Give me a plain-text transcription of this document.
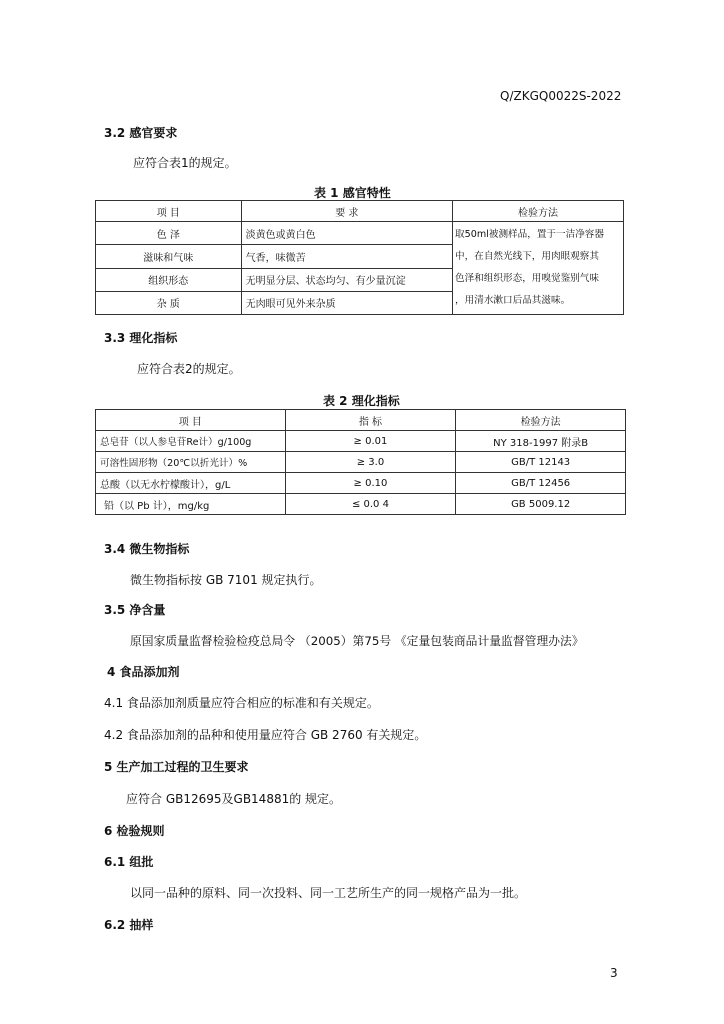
Q/ZKGQ0022S-2022
3.2 感官要求
应符合表1的规定。
表 1 感官特性
项 目	要 求	检验方法
色 泽	淡黄色或黄白色	取50ml被测样品，置于一洁净容器
中，在自然光线下，用肉眼观察其
色泽和组织形态，用嗅觉鉴别气味
，用清水漱口后品其滋味。

滋味和气味	气香，味微苦	
组织形态	无明显分层、状态均匀、有少量沉淀	
杂 质	无肉眼可见外来杂质	
3.3 理化指标
应符合表2的规定。
表 2 理化指标
项 目	指 标	检验方法
总皂苷（以人参皂苷Re计）g/100g	≥ 0.01	NY 318-1997 附录B
可溶性固形物（20℃以折光计）%	≥ 3.0	GB/T 12143
总酸（以无水柠檬酸计），g/L	≥ 0.10	GB/T 12456
铅（以 Pb 计），mg/kg	≤ 0.0 4	GB 5009.12
3.4 微生物指标
微生物指标按 GB 7101 规定执行。
3.5 净含量
原国家质量监督检验检疫总局令 （2005）第75号 《定量包装商品计量监督管理办法》
4 食品添加剂
4.1 食品添加剂质量应符合相应的标准和有关规定。
4.2 食品添加剂的品种和使用量应符合 GB 2760 有关规定。
5 生产加工过程的卫生要求
应符合 GB12695及GB14881的 规定。
6 检验规则
6.1 组批
以同一品种的原料、同一次投料、同一工艺所生产的同一规格产品为一批。
6.2 抽样
3
